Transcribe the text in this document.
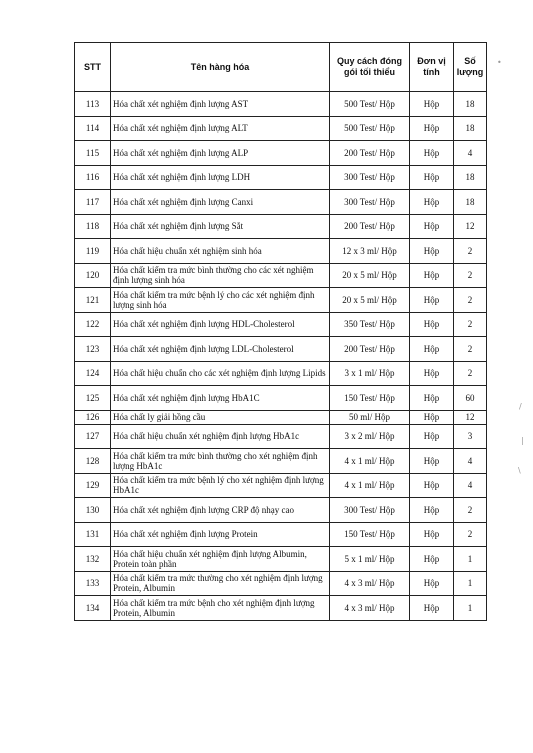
STT	Tên hàng hóa	Quy cách đóng gói tối thiểu	Đơn vị tính	Số lượng
113	Hóa chất xét nghiệm định lượng AST	500 Test/ Hộp	Hộp	18
114	Hóa chất xét nghiệm định lượng ALT	500 Test/ Hộp	Hộp	18
115	Hóa chất xét nghiệm định lượng ALP	200 Test/ Hộp	Hộp	4
116	Hóa chất xét nghiệm định lượng LDH	300 Test/ Hộp	Hộp	18
117	Hóa chất xét nghiệm định lượng Canxi	300 Test/ Hộp	Hộp	18
118	Hóa chất xét nghiệm định lượng Sắt	200 Test/ Hộp	Hộp	12
119	Hóa chất hiệu chuẩn xét nghiệm sinh hóa	12 x 3 ml/ Hộp	Hộp	2
120	Hóa chất kiểm tra mức bình thường cho các xét nghiệm định lượng sinh hóa	20 x 5 ml/ Hộp	Hộp	2
121	Hóa chất kiểm tra mức bệnh lý cho các xét nghiệm định lượng sinh hóa	20 x 5 ml/ Hộp	Hộp	2
122	Hóa chất xét nghiệm định lượng HDL-Cholesterol	350 Test/ Hộp	Hộp	2
123	Hóa chất xét nghiệm định lượng LDL-Cholesterol	200 Test/ Hộp	Hộp	2
124	Hóa chất hiệu chuẩn cho các xét nghiệm định lượng Lipids	3 x 1 ml/ Hộp	Hộp	2
125	Hóa chất xét nghiệm định lượng HbA1C	150 Test/ Hộp	Hộp	60
126	Hóa chất ly giải hồng cầu	50 ml/ Hộp	Hộp	12
127	Hóa chất hiệu chuẩn xét nghiệm định lượng HbA1c	3 x 2 ml/ Hộp	Hộp	3
128	Hóa chất kiểm tra mức bình thường cho xét nghiệm định lượng HbA1c	4 x 1 ml/ Hộp	Hộp	4
129	Hóa chất kiểm tra mức bệnh lý cho xét nghiệm định lượng HbA1c	4 x 1 ml/ Hộp	Hộp	4
130	Hóa chất xét nghiệm định lượng CRP độ nhạy cao	300 Test/ Hộp	Hộp	2
131	Hóa chất xét nghiệm định lượng Protein	150 Test/ Hộp	Hộp	2
132	Hóa chất hiệu chuẩn xét nghiệm định lượng Albumin, Protein toàn phần	5 x 1 ml/ Hộp	Hộp	1
133	Hóa chất kiểm tra mức thường cho xét nghiệm định lượng Protein, Albumin	4 x 3 ml/ Hộp	Hộp	1
134	Hóa chất kiểm tra mức bệnh cho xét nghiệm định lượng Protein, Albumin	4 x 3 ml/ Hộp	Hộp	1
•
/
|
\
